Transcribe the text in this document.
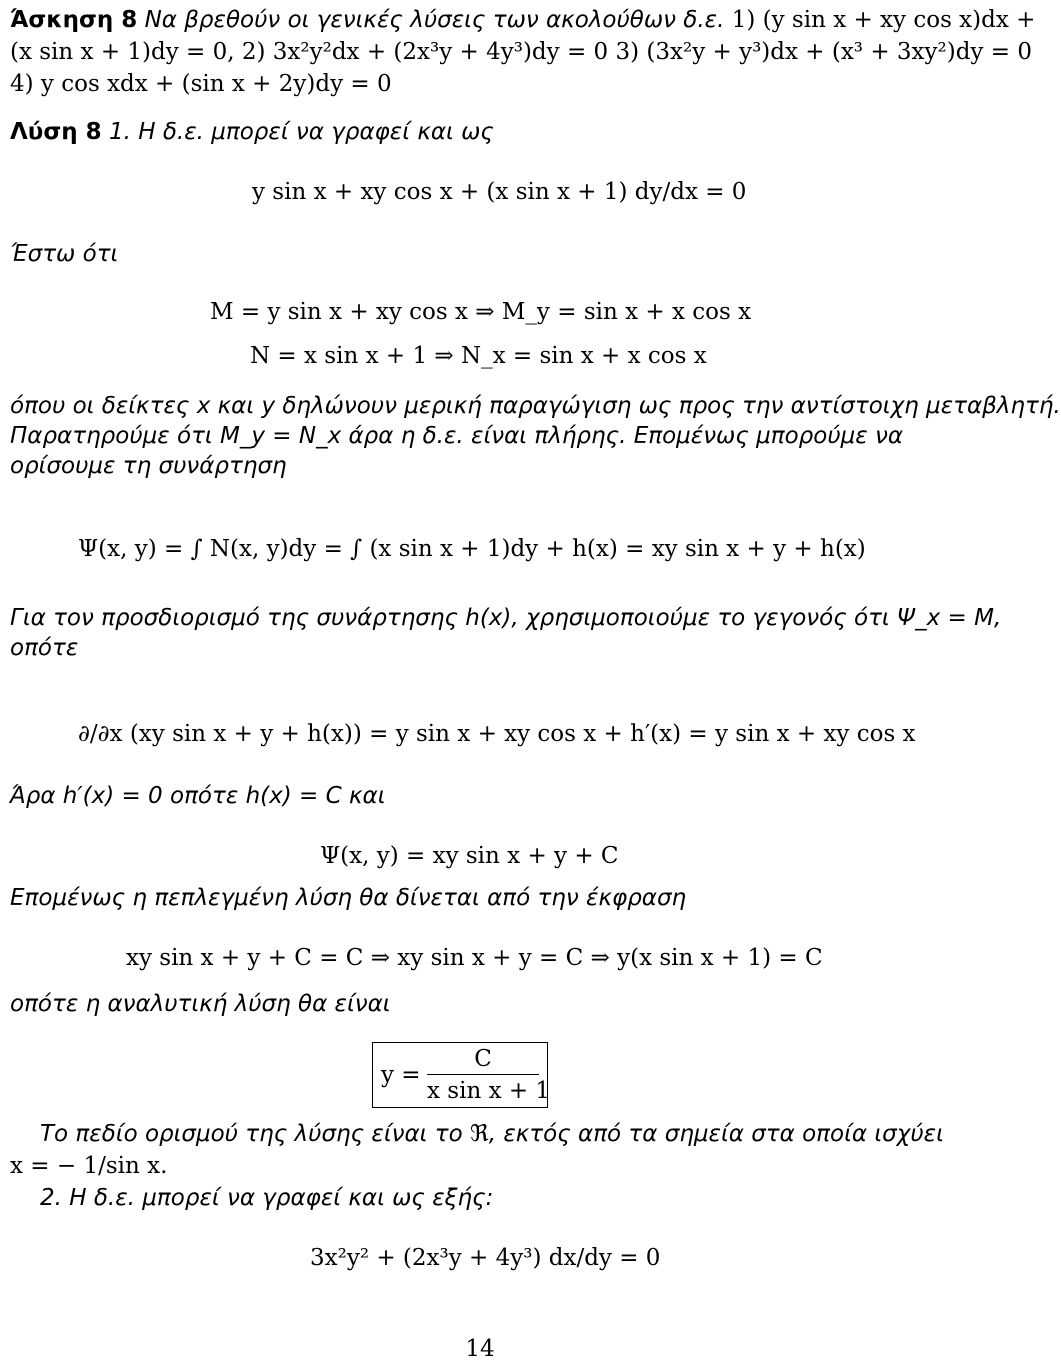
Άσκηση 8 Να βρεθούν οι γενικές λύσεις των ακολούθων δ.ε. 1) (y sin x + xy cos x)dx +
(x sin x + 1)dy = 0, 2) 3x²y²dx + (2x³y + 4y³)dy = 0 3) (3x²y + y³)dx + (x³ + 3xy²)dy = 0
4) y cos xdx + (sin x + 2y)dy = 0
Λύση 8 1. Η δ.ε. μπορεί να γραφεί και ως
y sin x + xy cos x + (x sin x + 1) dy/dx = 0
Έστω ότι
M = y sin x + xy cos x ⇒ M_y = sin x + x cos x
N = x sin x + 1 ⇒ N_x = sin x + x cos x
όπου οι δείκτες x και y δηλώνουν μερική παραγώγιση ως προς την αντίστοιχη μεταβλητή.
Παρατηρούμε ότι M_y = N_x άρα η δ.ε. είναι πλήρης. Επομένως μπορούμε να
ορίσουμε τη συνάρτηση
Ψ(x, y) = ∫ N(x, y)dy = ∫ (x sin x + 1)dy + h(x) = xy sin x + y + h(x)
Για τον προσδιορισμό της συνάρτησης h(x), χρησιμοποιούμε το γεγονός ότι Ψ_x = M,
οπότε
∂/∂x (xy sin x + y + h(x)) = y sin x + xy cos x + h′(x) = y sin x + xy cos x
Άρα h′(x) = 0 οπότε h(x) = C και
Ψ(x, y) = xy sin x + y + C
Επομένως η πεπλεγμένη λύση θα δίνεται από την έκφραση
xy sin x + y + C = C ⇒ xy sin x + y = C ⇒ y(x sin x + 1) = C
οπότε η αναλυτική λύση θα είναι
y =
C
x sin x + 1
Το πεδίο ορισμού της λύσης είναι το ℜ, εκτός από τα σημεία στα οποία ισχύει
x = − 1/sin x.
2. Η δ.ε. μπορεί να γραφεί και ως εξής:
3x²y² + (2x³y + 4y³) dx/dy = 0
14
